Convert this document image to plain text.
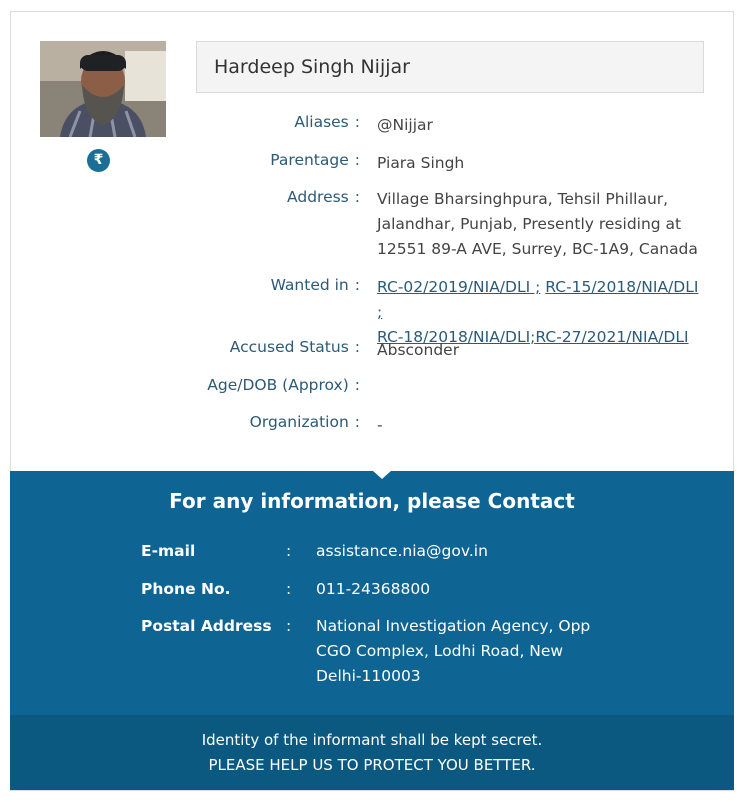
₹
Hardeep Singh Nijjar
Aliases : @Nijjar
Parentage : Piara Singh
Address : Village Bharsinghpura, Tehsil Phillaur, Jalandhar, Punjab, Presently residing at 12551 89-A AVE, Surrey, BC-1A9, Canada
Wanted in : RC-02/2019/NIA/DLI ; RC-15/2018/NIA/DLI ;
RC-18/2018/NIA/DLI;RC-27/2021/NIA/DLI
Accused Status : Absconder
Age/DOB (Approx) :
Organization : -
For any information, please Contact
E-mail	: assistance.nia@gov.in
Phone No.	: 011-24368800
Postal Address : National Investigation Agency, Opp CGO Complex, Lodhi Road, New Delhi-110003
Identity of the informant shall be kept secret.
PLEASE HELP US TO PROTECT YOU BETTER.
